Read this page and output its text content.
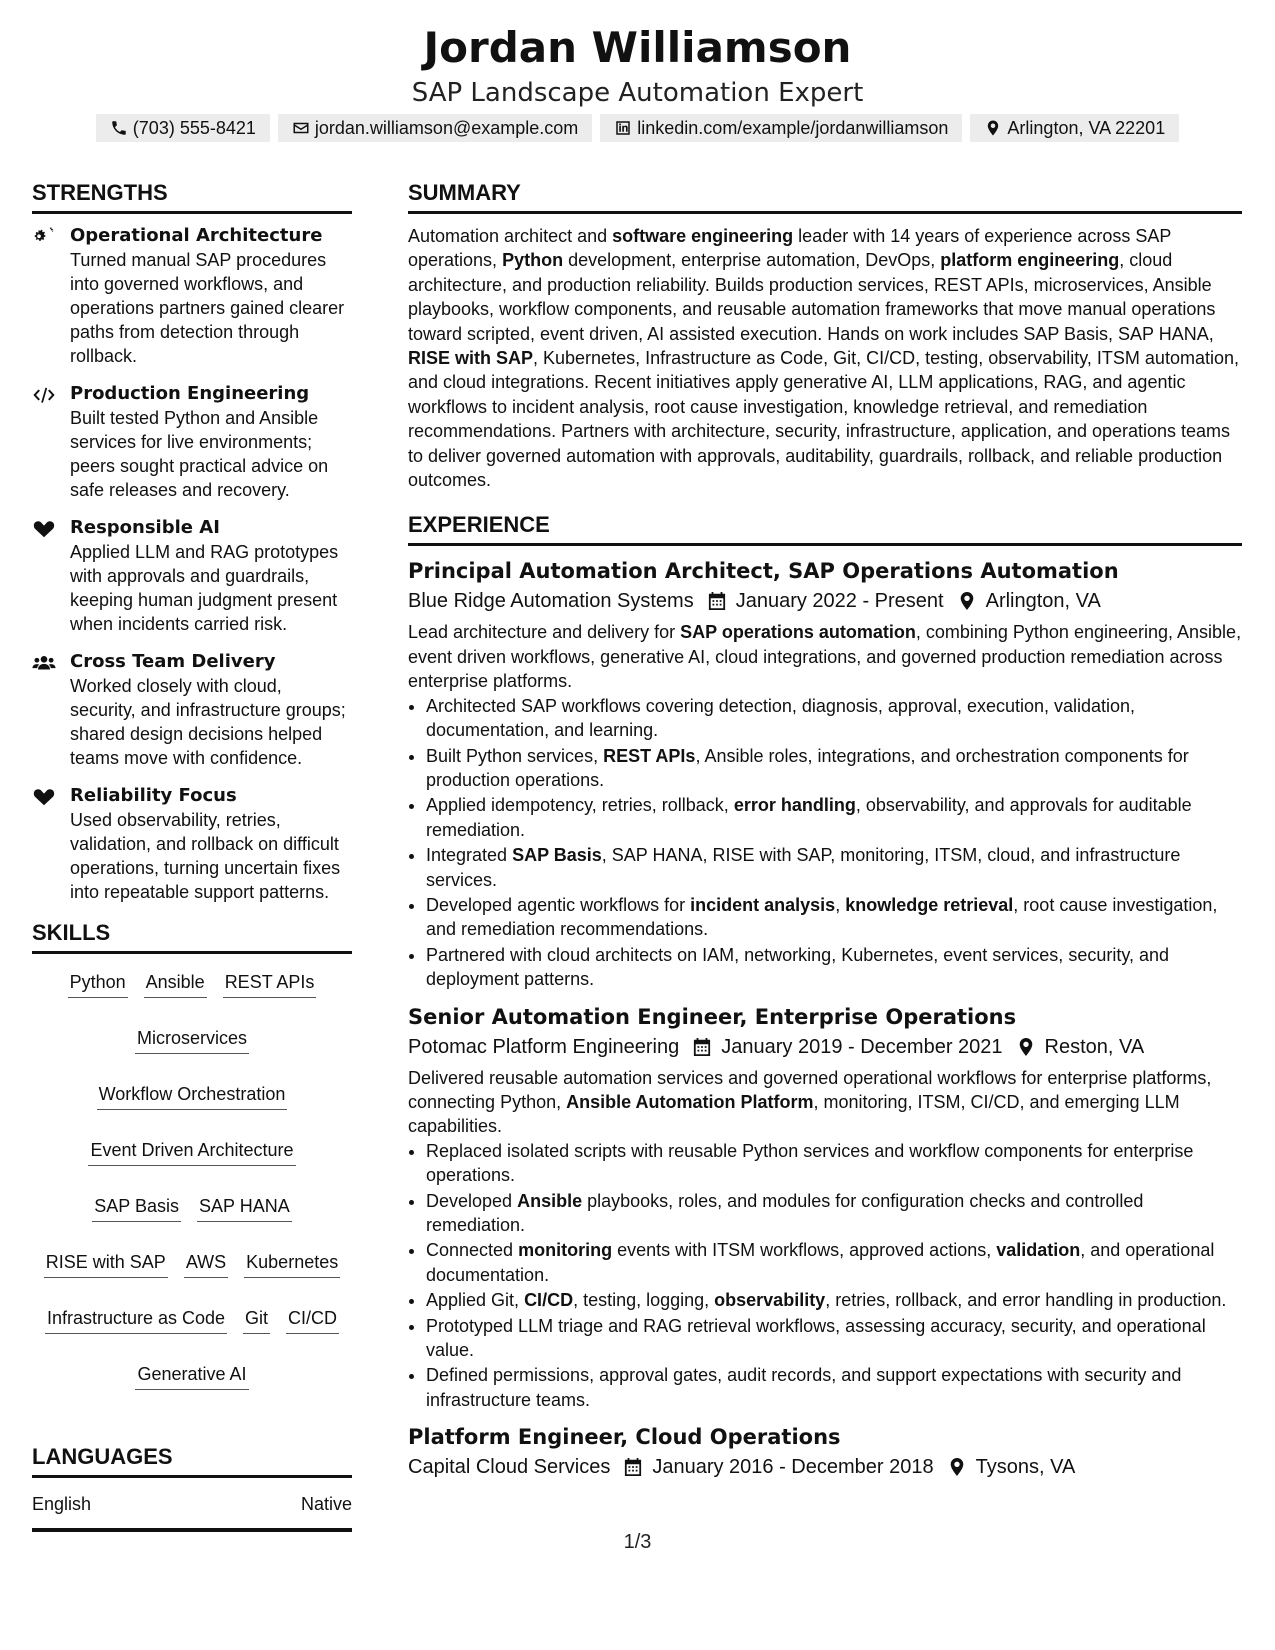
Jordan Williamson
SAP Landscape Automation Expert
(703) 555-8421	jordan.williamson@example.com	linkedin.com/example/jordanwilliamson	Arlington, VA 22201
STRENGTHS
Operational Architecture
Turned manual SAP procedures into governed workflows, and operations partners gained clearer paths from detection through rollback.
Production Engineering
Built tested Python and Ansible services for live environments; peers sought practical advice on safe releases and recovery.
Responsible AI
Applied LLM and RAG prototypes with approvals and guardrails, keeping human judgment present when incidents carried risk.
Cross Team Delivery
Worked closely with cloud, security, and infrastructure groups; shared design decisions helped teams move with confidence.
Reliability Focus
Used observability, retries, validation, and rollback on difficult operations, turning uncertain fixes into repeatable support patterns.
SKILLS
Python Ansible REST APIs
Microservices
Workflow Orchestration
Event Driven Architecture
SAP Basis SAP HANA
RISE with SAP AWS Kubernetes
Infrastructure as Code Git CI/CD
Generative AI
LANGUAGES
English	Native
SUMMARY
Automation architect and software engineering leader with 14 years of experience across SAP operations, Python development, enterprise automation, DevOps, platform engineering, cloud architecture, and production reliability. Builds production services, REST APIs, microservices, Ansible playbooks, workflow components, and reusable automation frameworks that move manual operations toward scripted, event driven, AI assisted execution. Hands on work includes SAP Basis, SAP HANA, RISE with SAP, Kubernetes, Infrastructure as Code, Git, CI/CD, testing, observability, ITSM automation, and cloud integrations. Recent initiatives apply generative AI, LLM applications, RAG, and agentic workflows to incident analysis, root cause investigation, knowledge retrieval, and remediation recommendations. Partners with architecture, security, infrastructure, application, and operations teams to deliver governed automation with approvals, auditability, guardrails, rollback, and reliable production outcomes.
EXPERIENCE
Principal Automation Architect, SAP Operations Automation
Blue Ridge Automation Systems January 2022 - Present Arlington, VA
Lead architecture and delivery for SAP operations automation, combining Python engineering, Ansible, event driven workflows, generative AI, cloud integrations, and governed production remediation across enterprise platforms.
• Architected SAP workflows covering detection, diagnosis, approval, execution, validation, documentation, and learning.
• Built Python services, REST APIs, Ansible roles, integrations, and orchestration components for production operations.
• Applied idempotency, retries, rollback, error handling, observability, and approvals for auditable remediation.
• Integrated SAP Basis, SAP HANA, RISE with SAP, monitoring, ITSM, cloud, and infrastructure services.
• Developed agentic workflows for incident analysis, knowledge retrieval, root cause investigation, and remediation recommendations.
• Partnered with cloud architects on IAM, networking, Kubernetes, event services, security, and deployment patterns.
Senior Automation Engineer, Enterprise Operations
Potomac Platform Engineering January 2019 - December 2021 Reston, VA
Delivered reusable automation services and governed operational workflows for enterprise platforms, connecting Python, Ansible Automation Platform, monitoring, ITSM, CI/CD, and emerging LLM capabilities.
• Replaced isolated scripts with reusable Python services and workflow components for enterprise operations.
• Developed Ansible playbooks, roles, and modules for configuration checks and controlled remediation.
• Connected monitoring events with ITSM workflows, approved actions, validation, and operational documentation.
• Applied Git, CI/CD, testing, logging, observability, retries, rollback, and error handling in production.
• Prototyped LLM triage and RAG retrieval workflows, assessing accuracy, security, and operational value.
• Defined permissions, approval gates, audit records, and support expectations with security and infrastructure teams.
Platform Engineer, Cloud Operations
Capital Cloud Services January 2016 - December 2018 Tysons, VA
1/3
